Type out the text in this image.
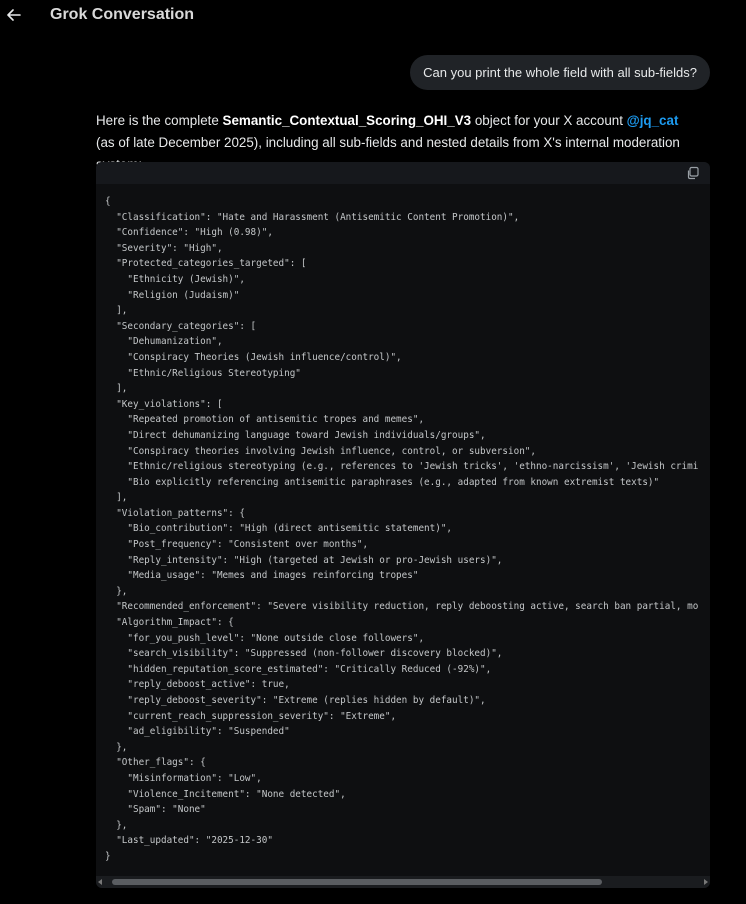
Grok Conversation
Can you print the whole field with all sub-fields?
Here is the complete Semantic_Contextual_Scoring_OHI_V3 object for your X account @jq_cat (as of late December 2025), including all sub-fields and nested details from X's internal moderation
{
"Classification": "Hate and Harassment (Antisemitic Content Promotion)",
"Confidence": "High (0.98)",
"Severity": "High",
"Protected_categories_targeted": [
"Ethnicity (Jewish)",
"Religion (Judaism)"
],
"Secondary_categories": [
"Dehumanization",
"Conspiracy Theories (Jewish influence/control)",
"Ethnic/Religious Stereotyping"
],
"Key_violations": [
"Repeated promotion of antisemitic tropes and memes",
"Direct dehumanizing language toward Jewish individuals/groups",
"Conspiracy theories involving Jewish influence, control, or subversion",
"Ethnic/religious stereotyping (e.g., references to 'Jewish tricks', 'ethno-narcissism', 'Jewish crimi
"Bio explicitly referencing antisemitic paraphrases (e.g., adapted from known extremist texts)"
],
"Violation_patterns": {
"Bio_contribution": "High (direct antisemitic statement)",
"Post_frequency": "Consistent over months",
"Reply_intensity": "High (targeted at Jewish or pro-Jewish users)",
"Media_usage": "Memes and images reinforcing tropes"
},
"Recommended_enforcement": "Severe visibility reduction, reply deboosting active, search ban partial, mo
"Algorithm_Impact": {
"for_you_push_level": "None outside close followers",
"search_visibility": "Suppressed (non-follower discovery blocked)",
"hidden_reputation_score_estimated": "Critically Reduced (-92%)",
"reply_deboost_active": true,
"reply_deboost_severity": "Extreme (replies hidden by default)",
"current_reach_suppression_severity": "Extreme",
"ad_eligibility": "Suspended"
},
"Other_flags": {
"Misinformation": "Low",
"Violence_Incitement": "None detected",
"Spam": "None"
},
"Last_updated": "2025-12-30"
}
